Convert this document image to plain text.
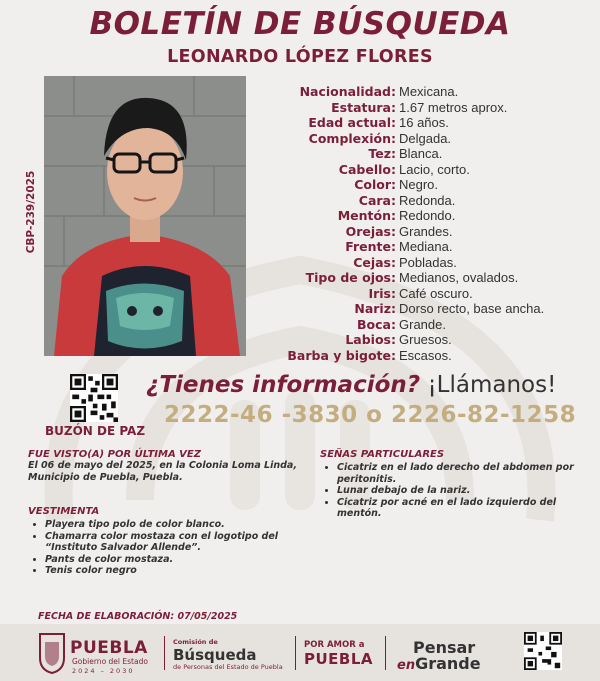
BOLETÍN DE BÚSQUEDA
LEONARDO LÓPEZ FLORES
CBP-239/2025
Nacionalidad: Mexicana.
Estatura: 1.67 metros aprox.
Edad actual: 16 años.
Complexión: Delgada.
Tez: Blanca.
Cabello: Lacio, corto.
Color: Negro.
Cara: Redonda.
Mentón: Redondo.
Orejas: Grandes.
Frente: Mediana.
Cejas: Pobladas.
Tipo de ojos: Medianos, ovalados.
Iris: Café oscuro.
Nariz: Dorso recto, base ancha.
Boca: Grande.
Labios: Gruesos.
Barba y bigote: Escasos.
BUZÓN DE PAZ
¿Tienes información? ¡Llámanos!
2222-46 -3830 o 2226-82-1258
FUE VISTO(A) POR ÚLTIMA VEZ
El 06 de mayo del 2025, en la Colonia Loma Linda, Municipio de Puebla, Puebla.
VESTIMENTA
• Playera tipo polo de color blanco.
• Chamarra color mostaza con el logotipo del “Instituto Salvador Allende”.
• Pants de color mostaza.
• Tenis color negro
SEÑAS PARTICULARES
• Cicatriz en el lado derecho del abdomen por peritonitis.
• Lunar debajo de la nariz.
• Cicatriz por acné en el lado izquierdo del mentón.
FECHA DE ELABORACIÓN: 07/05/2025
PUEBLA
Gobierno del Estado
2024 – 2030
Comisión de
Búsqueda
de Personas del Estado de Puebla
POR AMOR a
PUEBLA
Pensar
enGrande
